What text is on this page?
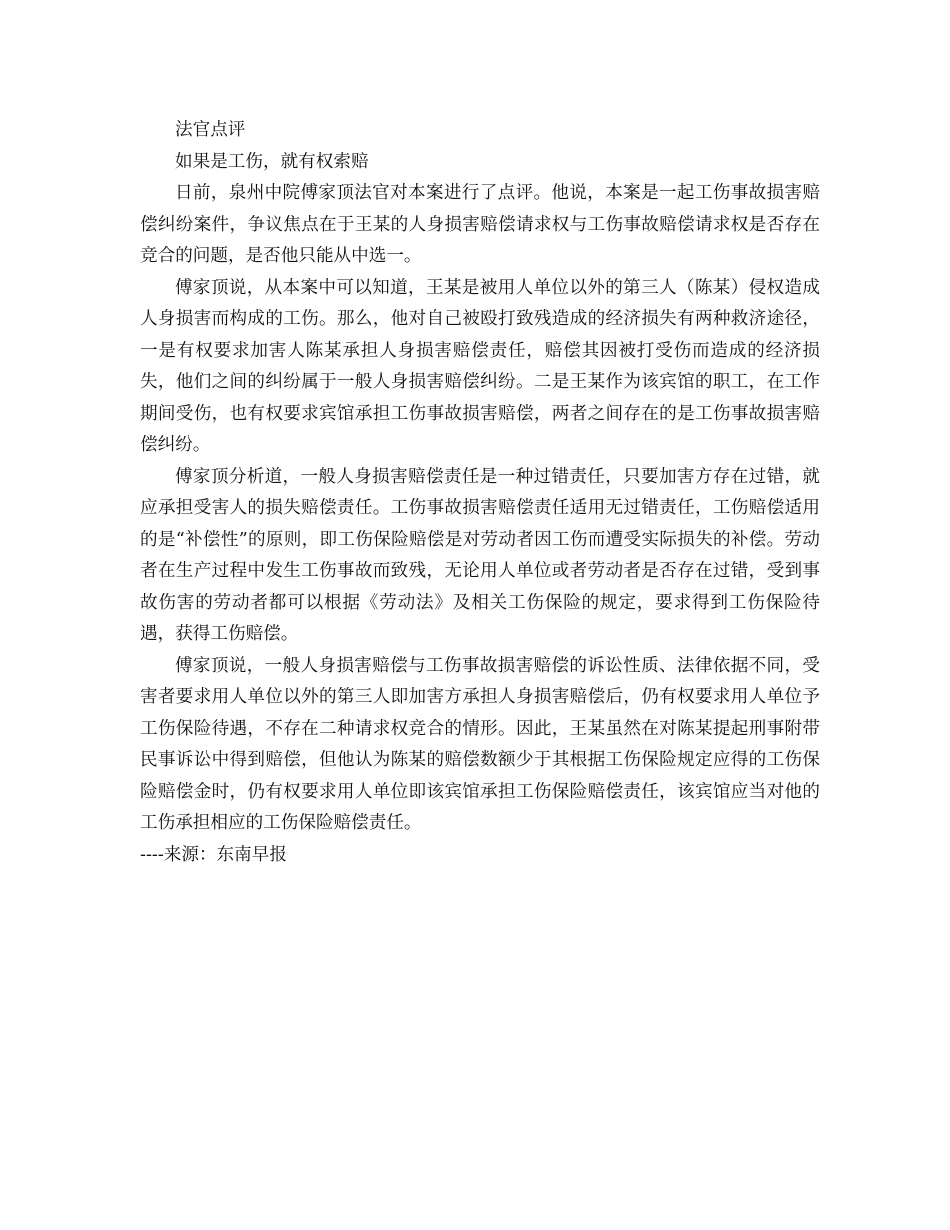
法官点评

如果是工伤，就有权索赔

日前，泉州中院傅家顶法官对本案进行了点评。他说，本案是一起工伤事故损害赔偿纠纷案件，争议焦点在于王某的人身损害赔偿请求权与工伤事故赔偿请求权是否存在竞合的问题，是否他只能从中选一。

傅家顶说，从本案中可以知道，王某是被用人单位以外的第三人（陈某）侵权造成人身损害而构成的工伤。那么，他对自己被殴打致残造成的经济损失有两种救济途径，一是有权要求加害人陈某承担人身损害赔偿责任，赔偿其因被打受伤而造成的经济损失，他们之间的纠纷属于一般人身损害赔偿纠纷。二是王某作为该宾馆的职工，在工作期间受伤，也有权要求宾馆承担工伤事故损害赔偿，两者之间存在的是工伤事故损害赔偿纠纷。

傅家顶分析道，一般人身损害赔偿责任是一种过错责任，只要加害方存在过错，就应承担受害人的损失赔偿责任。工伤事故损害赔偿责任适用无过错责任，工伤赔偿适用的是“补偿性”的原则，即工伤保险赔偿是对劳动者因工伤而遭受实际损失的补偿。劳动者在生产过程中发生工伤事故而致残，无论用人单位或者劳动者是否存在过错，受到事故伤害的劳动者都可以根据《劳动法》及相关工伤保险的规定，要求得到工伤保险待遇，获得工伤赔偿。

傅家顶说，一般人身损害赔偿与工伤事故损害赔偿的诉讼性质、法律依据不同，受害者要求用人单位以外的第三人即加害方承担人身损害赔偿后，仍有权要求用人单位予工伤保险待遇，不存在二种请求权竞合的情形。因此，王某虽然在对陈某提起刑事附带民事诉讼中得到赔偿，但他认为陈某的赔偿数额少于其根据工伤保险规定应得的工伤保险赔偿金时，仍有权要求用人单位即该宾馆承担工伤保险赔偿责任，该宾馆应当对他的工伤承担相应的工伤保险赔偿责任。

----来源：东南早报
